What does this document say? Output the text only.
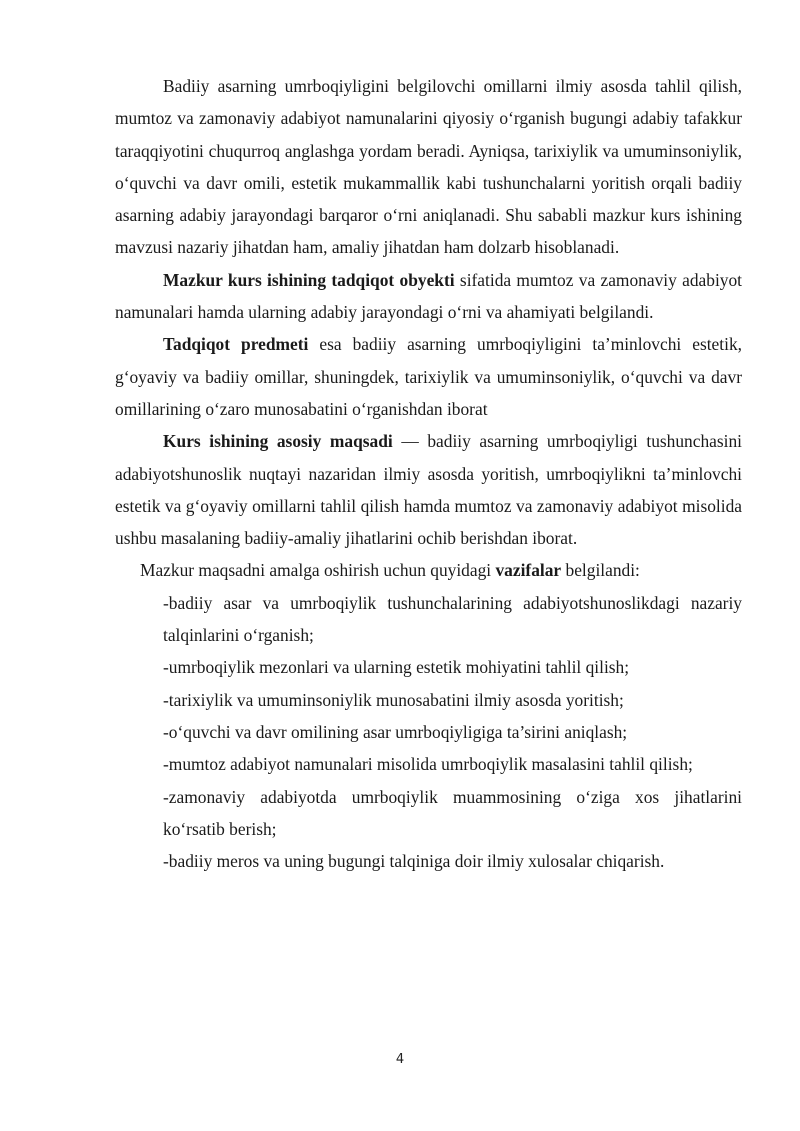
Badiiy asarning umrboqiyligini belgilovchi omillarni ilmiy asosda tahlil qilish, mumtoz va zamonaviy adabiyot namunalarini qiyosiy o‘rganish bugungi adabiy tafakkur taraqqiyotini chuqurroq anglashga yordam beradi. Ayniqsa, tarixiylik va umuminsoniylik, o‘quvchi va davr omili, estetik mukammallik kabi tushunchalarni yoritish orqali badiiy asarning adabiy jarayondagi barqaror o‘rni aniqlanadi. Shu sababli mazkur kurs ishining mavzusi nazariy jihatdan ham, amaliy jihatdan ham dolzarb hisoblanadi.

Mazkur kurs ishining tadqiqot obyekti sifatida mumtoz va zamonaviy adabiyot namunalari hamda ularning adabiy jarayondagi o‘rni va ahamiyati belgilandi.

Tadqiqot predmeti esa badiiy asarning umrboqiyligini ta’minlovchi estetik, g‘oyaviy va badiiy omillar, shuningdek, tarixiylik va umuminsoniylik, o‘quvchi va davr omillarining o‘zaro munosabatini o‘rganishdan iborat

Kurs ishining asosiy maqsadi — badiiy asarning umrboqiyligi tushunchasini adabiyotshunoslik nuqtayi nazaridan ilmiy asosda yoritish, umrboqiylikni ta’minlovchi estetik va g‘oyaviy omillarni tahlil qilish hamda mumtoz va zamonaviy adabiyot misolida ushbu masalaning badiiy-amaliy jihatlarini ochib berishdan iborat.

Mazkur maqsadni amalga oshirish uchun quyidagi vazifalar belgilandi:

-badiiy asar va umrboqiylik tushunchalarining adabiyotshunoslikdagi nazariy talqinlarini o‘rganish;

-umrboqiylik mezonlari va ularning estetik mohiyatini tahlil qilish;

-tarixiylik va umuminsoniylik munosabatini ilmiy asosda yoritish;

-o‘quvchi va davr omilining asar umrboqiyligiga ta’sirini aniqlash;

-mumtoz adabiyot namunalari misolida umrboqiylik masalasini tahlil qilish;

-zamonaviy adabiyotda umrboqiylik muammosining o‘ziga xos jihatlarini ko‘rsatib berish;

-badiiy meros va uning bugungi talqiniga doir ilmiy xulosalar chiqarish.

4
